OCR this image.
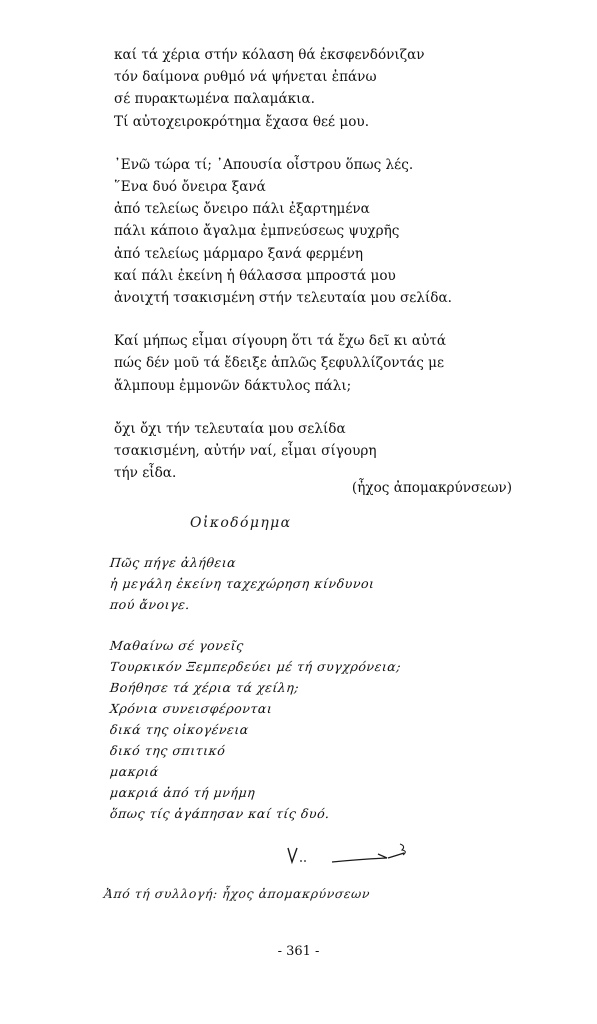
καί τά χέρια στήν κόλαση θά ἐκσφενδόνιζαν
τόν δαίμονα ρυθμό νά ψήνεται ἐπάνω
σέ πυρακτωμένα παλαμάκια.
Τί αὐτοχειροκρότημα ἔχασα θεέ μου.

᾿Ενῶ τώρα τί; ᾿Απουσία οἶστρου ὅπως λές.
῞Ενα δυό ὄνειρα ξανά
ἀπό τελείως ὄνειρο πάλι ἐξαρτημένα
πάλι κάποιο ἄγαλμα ἐμπνεύσεως ψυχρῆς
ἀπό τελείως μάρμαρο ξανά φερμένη
καί πάλι ἐκείνη ἡ θάλασσα μπροστά μου
ἀνοιχτή τσακισμένη στήν τελευταία μου σελίδα.

Καί μήπως εἶμαι σίγουρη ὅτι τά ἔχω δεῖ κι αὐτά
πώς δέν μοῦ τά ἔδειξε ἁπλῶς ξεφυλλίζοντάς με
ἄλμπουμ ἐμμονῶν δάκτυλος πάλι;

ὄχι ὄχι τήν τελευταία μου σελίδα
τσακισμένη, αὐτήν ναί, εἶμαι σίγουρη
τήν εἶδα.

(ἦχος ἀπομακρύνσεων)
Οἰκοδόμημα
Πῶς πήγε ἀλήθεια
ἡ μεγάλη ἐκείνη ταχεχώρηση κίνδυνοι
πού ἄνοιγε.
Μαθαίνω σέ γονεῖς
Τουρκικόν Ξεμπερδεύει μέ τή συγχρόνεια;
Βοήθησε τά χέρια τά χείλη;
Χρόνια συνεισφέρονται
δικά της οἰκογένεια
δικό της σπιτικό
μακριά
μακριά ἀπό τή μνήμη
ὅπως τίς ἀγάπησαν καί τίς δυό.
Ἀπό τή συλλογή: ἦχος ἀπομακρύνσεων
- 361 -
